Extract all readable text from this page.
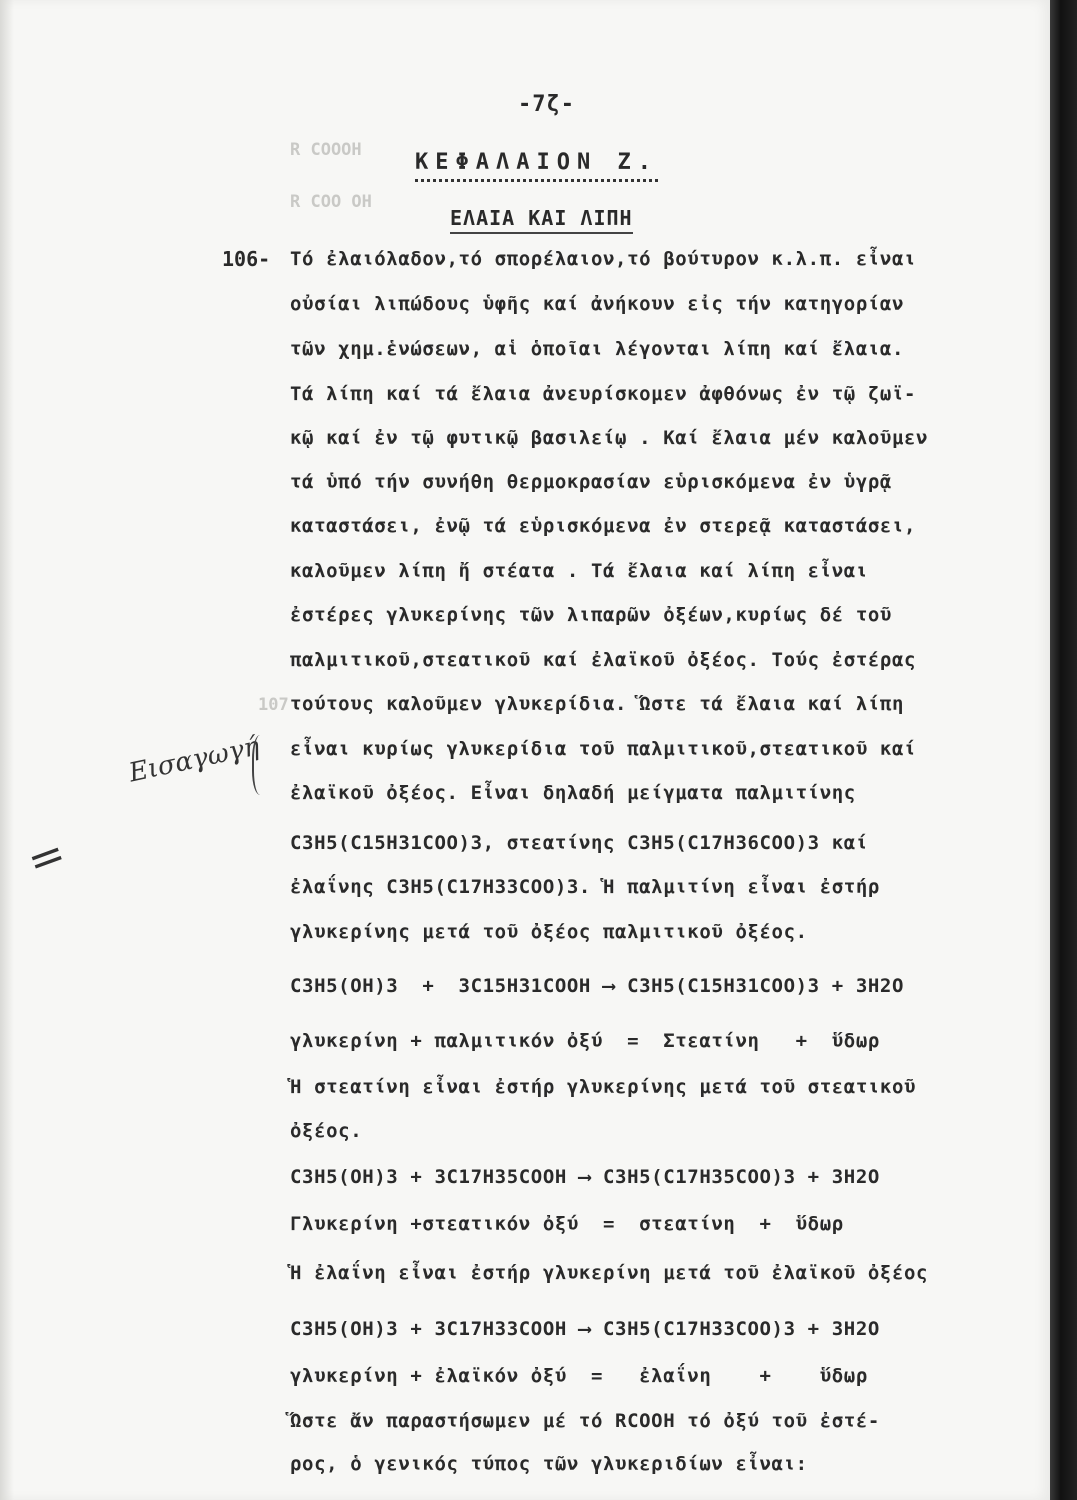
R COOOH
R COO OH
107
-7ζ-
ΚΕΦΑΛΑΙΟΝ Ζ.
ΕΛΑΙΑ ΚΑΙ ΛΙΠΗ
106- Τό ἐλαιόλαδον,τό σπορέλαιον,τό βούτυρον κ.λ.π. εἶναι
οὐσίαι λιπώδους ὑφῆς καί ἀνήκουν εἰς τήν κατηγορίαν
τῶν χημ.ἑνώσεων, αἱ ὁποῖαι λέγονται λίπη καί ἔλαια.
Τά λίπη καί τά ἔλαια ἀνευρίσκομεν ἀφθόνως ἐν τῷ ζωϊ-
κῷ καί ἐν τῷ φυτικῷ βασιλείῳ . Καί ἔλαια μέν καλοῦμεν
τά ὑπό τήν συνήθη θερμοκρασίαν εὑρισκόμενα ἐν ὑγρᾷ
καταστάσει, ἐνῷ τά εὑρισκόμενα ἐν στερεᾷ καταστάσει,
καλοῦμεν λίπη ἤ στέατα . Τά ἔλαια καί λίπη εἶναι
ἐστέρες γλυκερίνης τῶν λιπαρῶν ὀξέων,κυρίως δέ τοῦ
παλμιτικοῦ,στεατικοῦ καί ἐλαϊκοῦ ὀξέος. Τούς ἐστέρας
τούτους καλοῦμεν γλυκερίδια. Ὥστε τά ἔλαια καί λίπη
εἶναι κυρίως γλυκερίδια τοῦ παλμιτικοῦ,στεατικοῦ καί
ἐλαϊκοῦ ὀξέος. Εἶναι δηλαδή μείγματα παλμιτίνης
C3H5(C15H31COO)3, στεατίνης C3H5(C17H36COO)3 καί
ἐλαΐνης C3H5(C17H33COO)3. Ἡ παλμιτίνη εἶναι ἐστήρ
γλυκερίνης μετά τοῦ ὀξέος παλμιτικοῦ ὀξέος.
C3H5(OH)3  +  3C15H31COOH ⟶ C3H5(C15H31COO)3 + 3H2O
γλυκερίνη + παλμιτικόν ὀξύ  =  Στεατίνη   +  ὕδωρ
Ἡ στεατίνη εἶναι ἐστήρ γλυκερίνης μετά τοῦ στεατικοῦ
ὀξέος.
C3H5(OH)3 + 3C17H35COOH ⟶ C3H5(C17H35COO)3 + 3H2O
Γλυκερίνη +στεατικόν ὀξύ  =  στεατίνη  +  ὕδωρ
Ἡ ἐλαΐνη εἶναι ἐστήρ γλυκερίνη μετά τοῦ ἐλαϊκοῦ ὀξέος
C3H5(OH)3 + 3C17H33COOH ⟶ C3H5(C17H33COO)3 + 3H2O
γλυκερίνη + ἐλαϊκόν ὀξύ  =   ἐλαΐνη    +    ὕδωρ
Ὥστε ἄν παραστήσωμεν μέ τό RCOOH τό ὀξύ τοῦ ἐστέ-
ρος, ὁ γενικός τύπος τῶν γλυκεριδίων εἶναι:
Εισαγωγή
=
